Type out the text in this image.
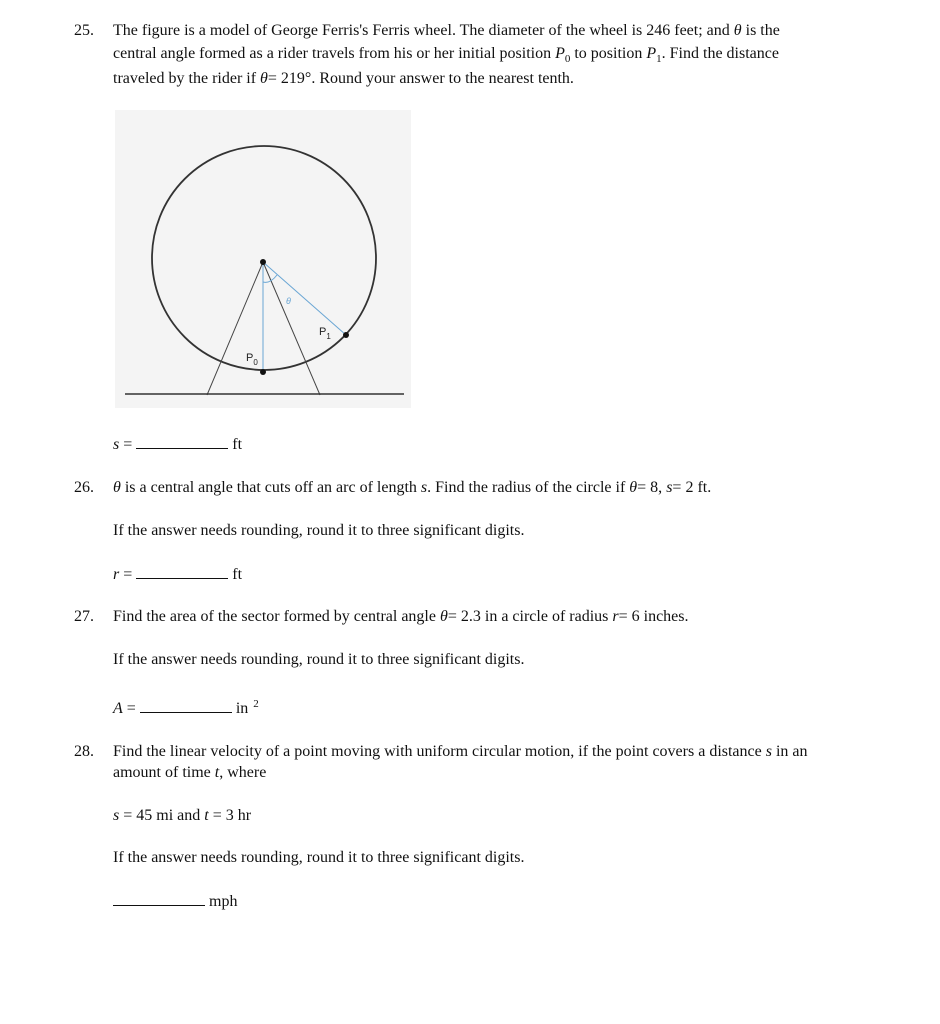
25. The figure is a model of George Ferris's Ferris wheel. The diameter of the wheel is 246 feet; and θ is the
central angle formed as a rider travels from his or her initial position $P_0$ to position $P_1$. Find the distance
traveled by the rider if θ= 219°. Round your answer to the nearest tenth.
θ
$P_0$
$P_1$
s =	ft
26. θ is a central angle that cuts off an arc of length s. Find the radius of the circle if θ= 8, s= 2 ft.
If the answer needs rounding, round it to three significant digits.
r =	ft
27. Find the area of the sector formed by central angle θ= 2.3 in a circle of radius r= 6 inches.
If the answer needs rounding, round it to three significant digits.
A =	in $^2$
28. Find the linear velocity of a point moving with uniform circular motion, if the point covers a distance s in an
amount of time t, where
s = 45 mi and t = 3 hr
If the answer needs rounding, round it to three significant digits.
mph
